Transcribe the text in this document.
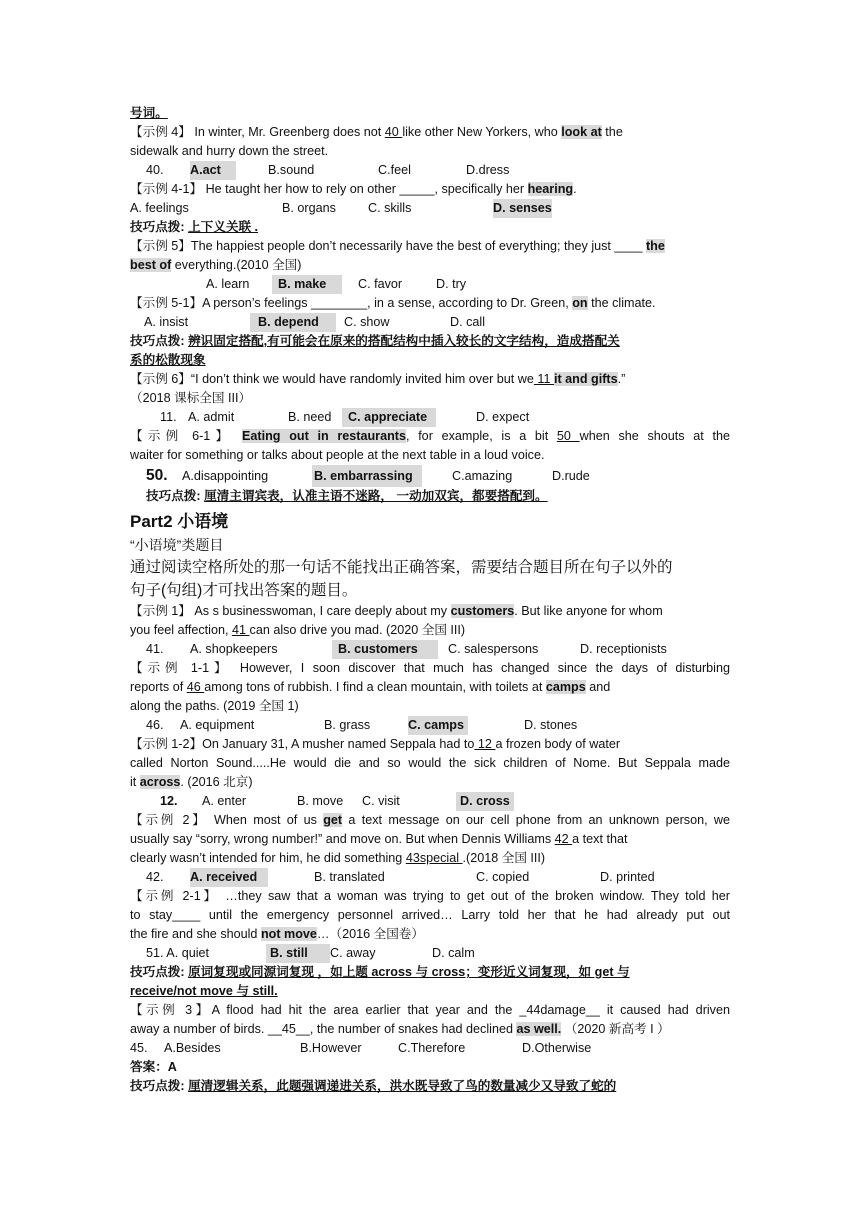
号词。
【示例 4】 In winter, Mr. Greenberg does not 40 like other New Yorkers, who look at the
sidewalk and hurry down the street.
40. A.act	B.sound	C.feel	D.dress
【示例 4-1】 He taught her how to rely on other _____, specifically her hearing.
A. feelings	B. organs	C. skills	D. senses
技巧点拨: 上下义关联 .
【示例 5】The happiest people don’t necessarily have the best of everything; they just ____ the
best of everything.(2010 全国)
A. learn B. make	C. favor	D. try
【示例 5-1】A person’s feelings ________, in a sense, according to Dr. Green, on the climate.
A. insist	B. depend C. show	D. call
技巧点拨: 辨识固定搭配,有可能会在原来的搭配结构中插入较长的文字结构，造成搭配关
系的松散现象
【示例 6】“I don’t think we would have randomly invited him over but we 11 it and gifts.”
（2018 课标全国 III）
11. A. admit	B. need C. appreciate	D. expect
【示例 6-1】 Eating out in restaurants, for example, is a bit 50 when she shouts at the
waiter for something or talks about people at the next table in a loud voice.
50. A.disappointing	B. embarrassing	C.amazing	D.rude
技巧点拨: 厘清主谓宾表，认准主语不迷路， 一动加双宾，都要搭配到。
Part2 小语境
“小语境”类题目
通过阅读空格所处的那一句话不能找出正确答案，需要结合题目所在句子以外的
句子(句组)才可找出答案的题目。
【示例 1】 As s businesswoman, I care deeply about my customers. But like anyone for whom
you feel affection, 41 can also drive you mad. (2020 全国 III)
41. A. shopkeepers	B. customers C. salespersons	D. receptionists
【示例 1-1】 However, I soon discover that much has changed since the days of disturbing
reports of 46 among tons of rubbish. I find a clean mountain, with toilets at camps and
along the paths. (2019 全国 1)
46. A. equipment	B. grass	C. camps	D. stones
【示例 1-2】On January 31, A musher named Seppala had to 12 a frozen body of water
called Norton Sound.....He would die and so would the sick children of Nome. But Seppala made
it across. (2016 北京)
12. A. enter	B. move C. visit	D. cross
【示例 2】 When most of us get a text message on our cell phone from an unknown person, we
usually say “sorry, wrong number!” and move on. But when Dennis Williams 42 a text that
clearly wasn’t intended for him, he did something 43special .(2018 全国 III)
42. A. received	B. translated	C. copied	D. printed
【示例 2-1】 …they saw that a woman was trying to get out of the broken window. They told her
to stay____ until the emergency personnel arrived… Larry told her that he had already put out
the fire and she should not move…（2016 全国卷）
51. A. quiet	B. still C. away	D. calm
技巧点拨: 原词复现或同源词复现 ，如上题 across 与 cross；变形近义词复现，如 get 与
receive/not move 与 still.
【示例 3】A flood had hit the area earlier that year and the _44damage__ it caused had driven
away a number of birds. __45__, the number of snakes had declined as well. （2020 新高考 I ）
45. A.Besides	B.However	C.Therefore	D.Otherwise
答案：A
技巧点拨: 厘清逻辑关系，此题强调递进关系，洪水既导致了鸟的数量减少又导致了蛇的
